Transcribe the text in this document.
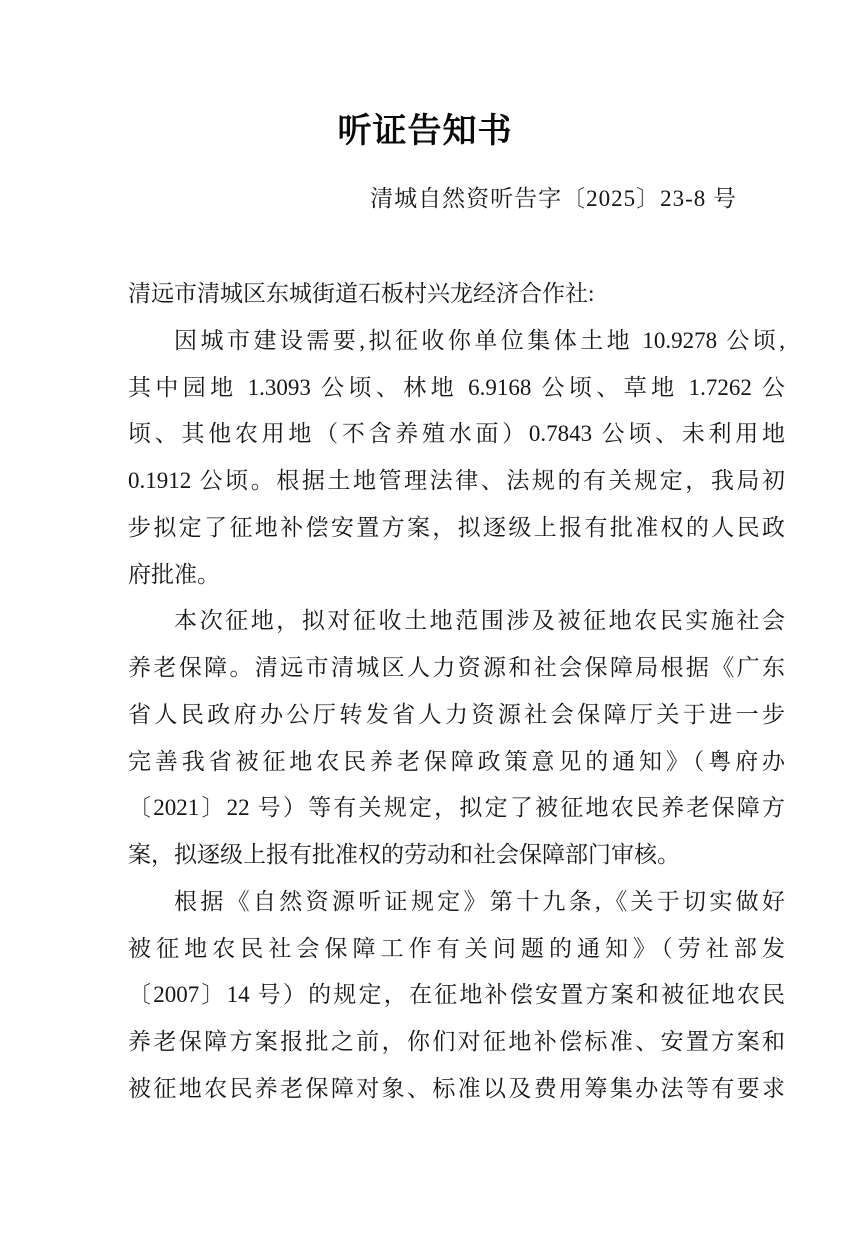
听证告知书
清城自然资听告字〔2025〕23-8 号
清远市清城区东城街道石板村兴龙经济合作社:
因城市建设需要,拟征收你单位集体土地 10.9278 公顷,
其中园地 1.3093 公顷、林地 6.9168 公顷、草地 1.7262 公
顷、其他农用地（不含养殖水面）0.7843 公顷、未利用地
0.1912 公顷。根据土地管理法律、法规的有关规定，我局初
步拟定了征地补偿安置方案，拟逐级上报有批准权的人民政
府批准。
本次征地，拟对征收土地范围涉及被征地农民实施社会
养老保障。清远市清城区人力资源和社会保障局根据《广东
省人民政府办公厅转发省人力资源社会保障厅关于进一步
完善我省被征地农民养老保障政策意见的通知》（粤府办
〔2021〕22 号）等有关规定，拟定了被征地农民养老保障方
案，拟逐级上报有批准权的劳动和社会保障部门审核。
根据《自然资源听证规定》第十九条,《关于切实做好
被征地农民社会保障工作有关问题的通知》（劳社部发
〔2007〕14 号）的规定，在征地补偿安置方案和被征地农民
养老保障方案报批之前，你们对征地补偿标准、安置方案和
被征地农民养老保障对象、标准以及费用筹集办法等有要求
